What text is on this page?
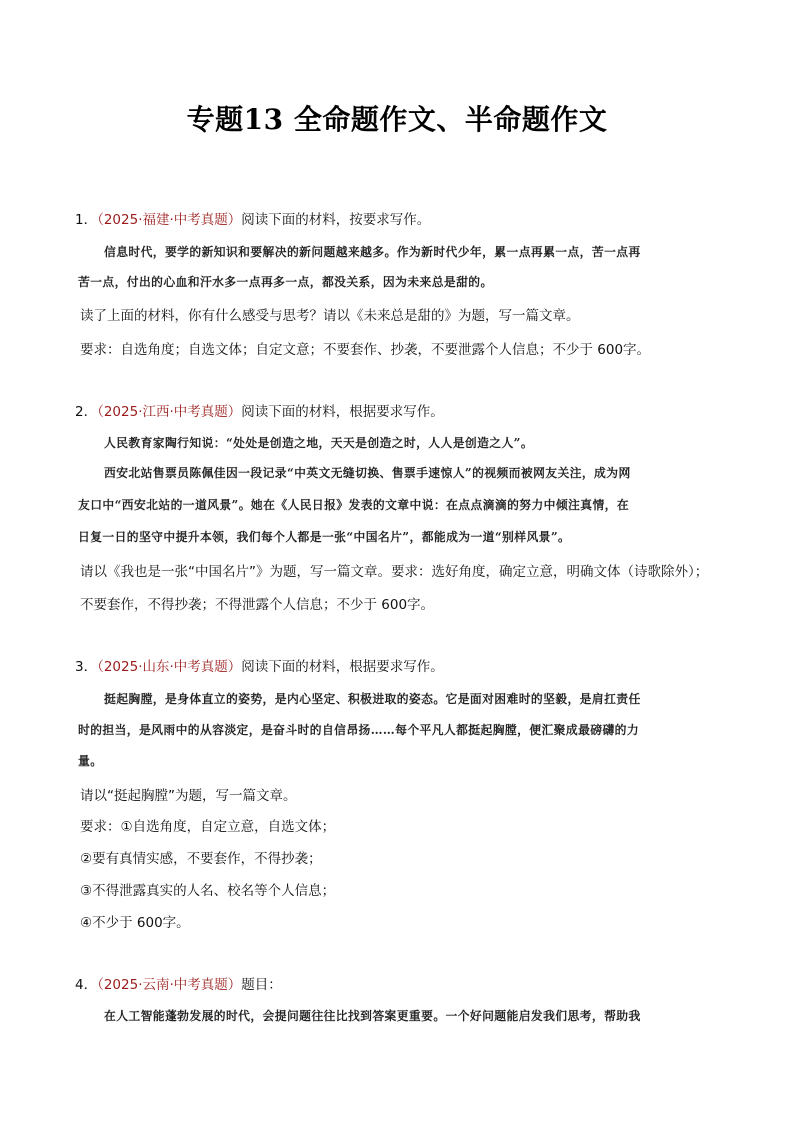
专题13 全命题作文、半命题作文
1．（2025·福建·中考真题）阅读下面的材料，按要求写作。
信息时代，要学的新知识和要解决的新问题越来越多。作为新时代少年，累一点再累一点，苦一点再
苦一点，付出的心血和汗水多一点再多一点，都没关系，因为未来总是甜的。
读了上面的材料，你有什么感受与思考？请以《未来总是甜的》为题，写一篇文章。
要求：自选角度；自选文体；自定文意；不要套作、抄袭，不要泄露个人信息；不少于 600字。
2．（2025·江西·中考真题）阅读下面的材料，根据要求写作。
人民教育家陶行知说：“处处是创造之地，天天是创造之时，人人是创造之人”。
西安北站售票员陈佩佳因一段记录“中英文无缝切换、售票手速惊人”的视频而被网友关注，成为网
友口中“西安北站的一道风景”。她在《人民日报》发表的文章中说：在点点滴滴的努力中倾注真情，在
日复一日的坚守中提升本领，我们每个人都是一张“中国名片”，都能成为一道“别样风景”。
请以《我也是一张“中国名片”》为题，写一篇文章。要求：选好角度，确定立意，明确文体（诗歌除外）；
不要套作，不得抄袭；不得泄露个人信息；不少于 600字。
3．（2025·山东·中考真题）阅读下面的材料，根据要求写作。
挺起胸膛，是身体直立的姿势，是内心坚定、积极进取的姿态。它是面对困难时的坚毅，是肩扛责任
时的担当，是风雨中的从容淡定，是奋斗时的自信昂扬……每个平凡人都挺起胸膛，便汇聚成最磅礴的力
量。
请以“挺起胸膛”为题，写一篇文章。
要求：①自选角度，自定立意，自选文体；
②要有真情实感，不要套作，不得抄袭；
③不得泄露真实的人名、校名等个人信息；
④不少于 600字。
4．（2025·云南·中考真题）题目：
在人工智能蓬勃发展的时代，会提问题往往比找到答案更重要。一个好问题能启发我们思考，帮助我
